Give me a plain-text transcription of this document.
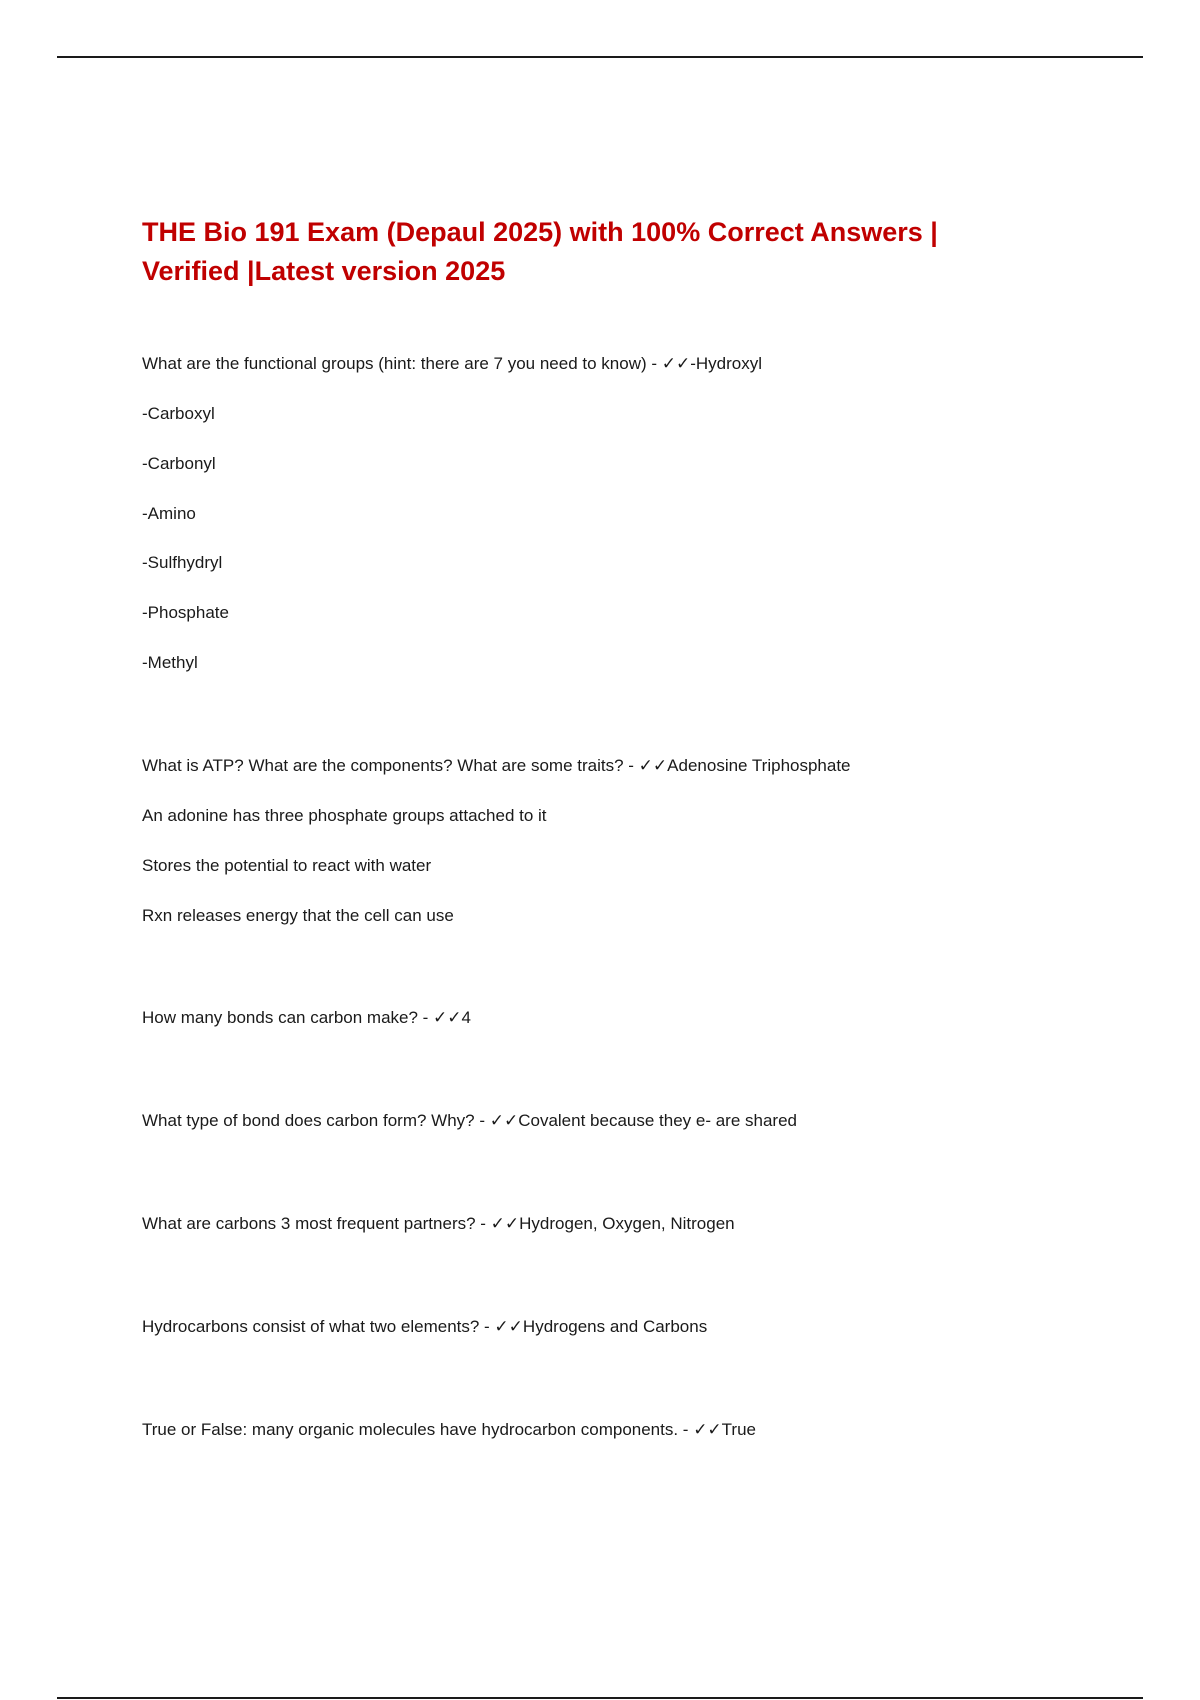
THE Bio 191 Exam (Depaul 2025) with 100% Correct Answers |
Verified |Latest version 2025

What are the functional groups (hint: there are 7 you need to know) - ✓✓-Hydroxyl

-Carboxyl

-Carbonyl

-Amino

-Sulfhydryl

-Phosphate

-Methyl

What is ATP? What are the components? What are some traits? - ✓✓Adenosine Triphosphate

An adonine has three phosphate groups attached to it

Stores the potential to react with water

Rxn releases energy that the cell can use

How many bonds can carbon make? - ✓✓4

What type of bond does carbon form? Why? - ✓✓Covalent because they e- are shared

What are carbons 3 most frequent partners? - ✓✓Hydrogen, Oxygen, Nitrogen

Hydrocarbons consist of what two elements? - ✓✓Hydrogens and Carbons

True or False: many organic molecules have hydrocarbon components. - ✓✓True
